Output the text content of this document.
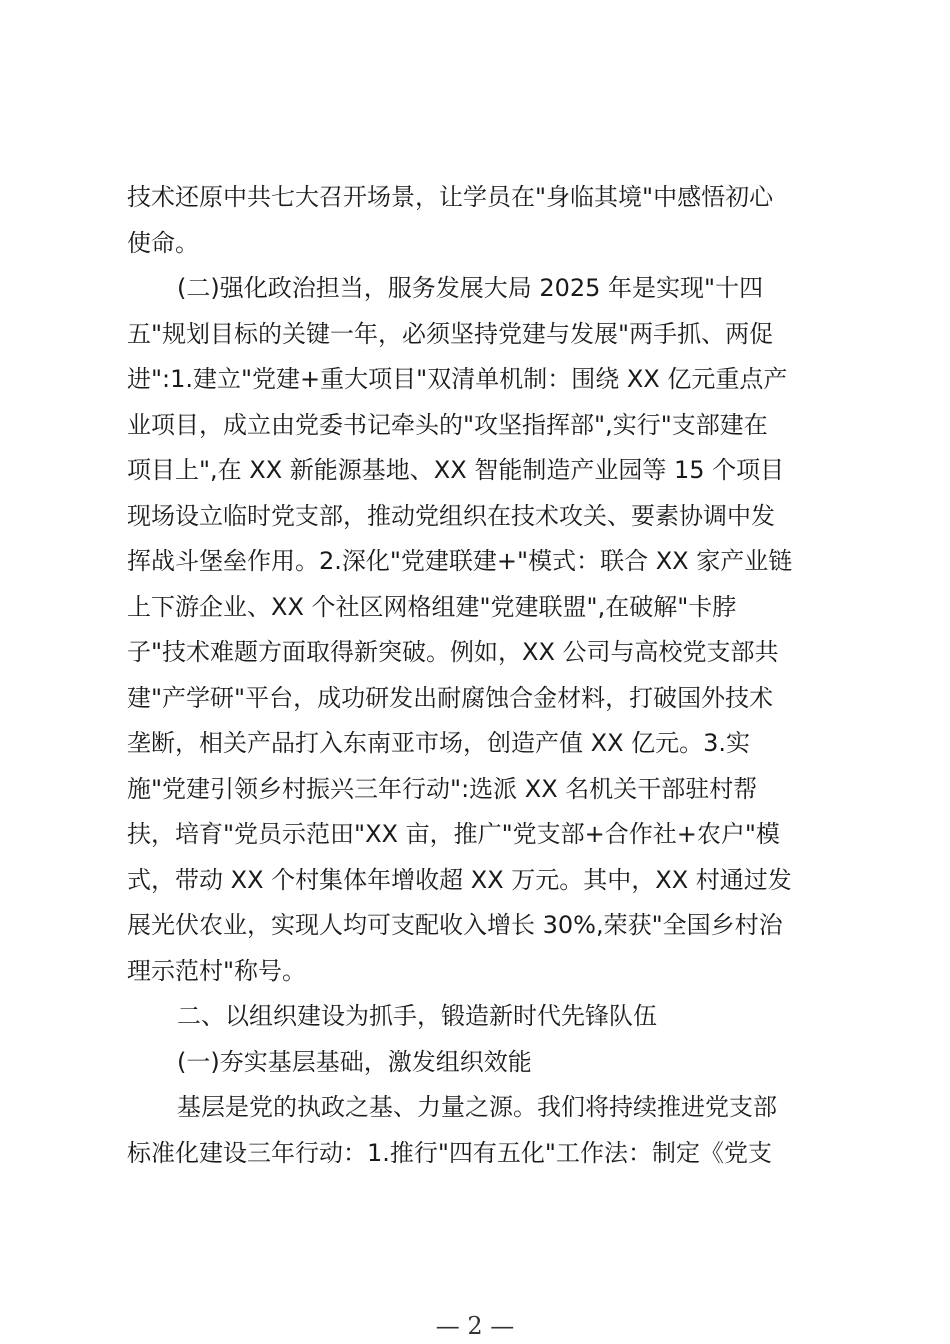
技术还原中共七大召开场景，让学员在"身临其境"中感悟初心
使命。
(二)强化政治担当，服务发展大局 2025 年是实现"十四
五"规划目标的关键一年，必须坚持党建与发展"两手抓、两促
进":1.建立"党建+重大项目"双清单机制：围绕 XX 亿元重点产
业项目，成立由党委书记牵头的"攻坚指挥部",实行"支部建在
项目上",在 XX 新能源基地、XX 智能制造产业园等 15 个项目
现场设立临时党支部，推动党组织在技术攻关、要素协调中发
挥战斗堡垒作用。2.深化"党建联建+"模式：联合 XX 家产业链
上下游企业、XX 个社区网格组建"党建联盟",在破解"卡脖
子"技术难题方面取得新突破。例如，XX 公司与高校党支部共
建"产学研"平台，成功研发出耐腐蚀合金材料，打破国外技术
垄断，相关产品打入东南亚市场，创造产值 XX 亿元。3.实
施"党建引领乡村振兴三年行动":选派 XX 名机关干部驻村帮
扶，培育"党员示范田"XX 亩，推广"党支部+合作社+农户"模
式，带动 XX 个村集体年增收超 XX 万元。其中，XX 村通过发
展光伏农业，实现人均可支配收入增长 30%,荣获"全国乡村治
理示范村"称号。
二、以组织建设为抓手，锻造新时代先锋队伍
(一)夯实基层基础，激发组织效能
基层是党的执政之基、力量之源。我们将持续推进党支部
标准化建设三年行动：1.推行"四有五化"工作法：制定《党支
— 2 —
